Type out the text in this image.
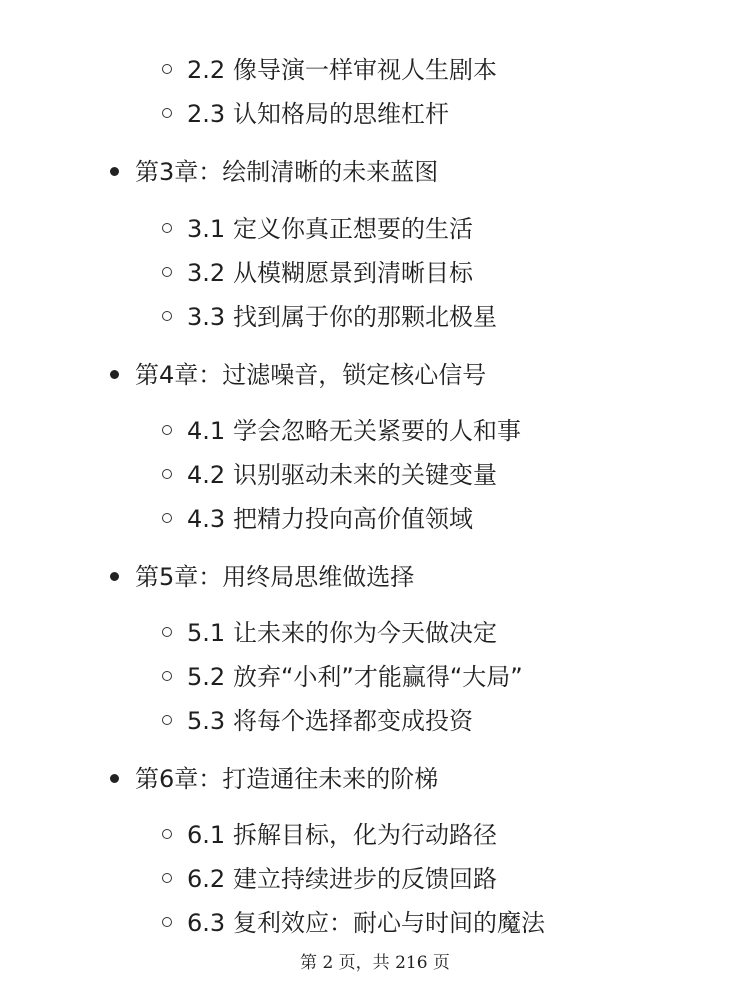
2.2 像导演一样审视人生剧本
2.3 认知格局的思维杠杆
第3章：绘制清晰的未来蓝图
3.1 定义你真正想要的生活
3.2 从模糊愿景到清晰目标
3.3 找到属于你的那颗北极星
第4章：过滤噪音，锁定核心信号
4.1 学会忽略无关紧要的人和事
4.2 识别驱动未来的关键变量
4.3 把精力投向高价值领域
第5章：用终局思维做选择
5.1 让未来的你为今天做决定
5.2 放弃“小利”才能赢得“大局”
5.3 将每个选择都变成投资
第6章：打造通往未来的阶梯
6.1 拆解目标，化为行动路径
6.2 建立持续进步的反馈回路
6.3 复利效应：耐心与时间的魔法
第 2 页，共 216 页
